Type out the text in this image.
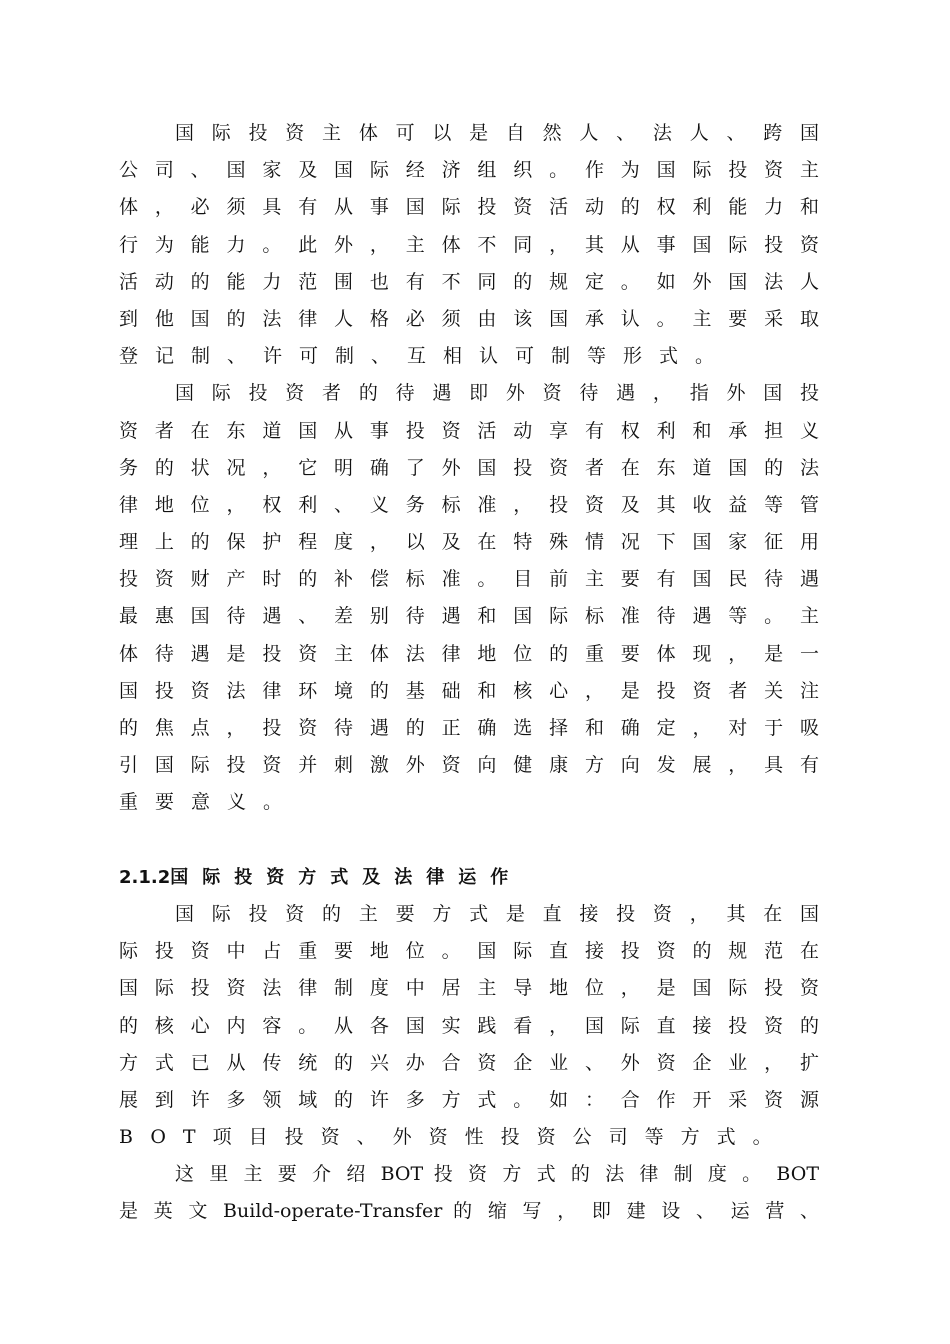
国 际 投 资 主 体 可 以 是 自 然 人 、 法 人 、 跨 国
公 司 、 国 家 及 国 际 经 济 组 织 。 作 为 国 际 投 资 主
体 ， 必 须 具 有 从 事 国 际 投 资 活 动 的 权 利 能 力 和
行 为 能 力 。 此 外 ， 主 体 不 同 ， 其 从 事 国 际 投 资
活 动 的 能 力 范 围 也 有 不 同 的 规 定 。 如 外 国 法 人
到 他 国 的 法 律 人 格 必 须 由 该 国 承 认 。 主 要 采 取
登记制、许可制、互相认可制等形式。
国 际 投 资 者 的 待 遇 即 外 资 待 遇 ， 指 外 国 投
资 者 在 东 道 国 从 事 投 资 活 动 享 有 权 利 和 承 担 义
务 的 状 况 ， 它 明 确 了 外 国 投 资 者 在 东 道 国 的 法
律 地 位 ， 权 利 、 义 务 标 准 ， 投 资 及 其 收 益 等 管
理 上 的 保 护 程 度 ， 以 及 在 特 殊 情 况 下 国 家 征 用
投 资 财 产 时 的 补 偿 标 准 。 目 前 主 要 有 国 民 待 遇
最 惠 国 待 遇 、 差 别 待 遇 和 国 际 标 准 待 遇 等 。 主
体 待 遇 是 投 资 主 体 法 律 地 位 的 重 要 体 现 ， 是 一
国 投 资 法 律 环 境 的 基 础 和 核 心 ， 是 投 资 者 关 注
的 焦 点 ， 投 资 待 遇 的 正 确 选 择 和 确 定 ， 对 于 吸
引 国 际 投 资 并 刺 激 外 资 向 健 康 方 向 发 展 ， 具 有
重要意义。
2.1.2国际投资方式及法律运作
国 际 投 资 的 主 要 方 式 是 直 接 投 资 ， 其 在 国
际 投 资 中 占 重 要 地 位 。 国 际 直 接 投 资 的 规 范 在
国 际 投 资 法 律 制 度 中 居 主 导 地 位 ， 是 国 际 投 资
的 核 心 内 容 。 从 各 国 实 践 看 ， 国 际 直 接 投 资 的
方 式 已 从 传 统 的 兴 办 合 资 企 业 、 外 资 企 业 ， 扩
展 到 许 多 领 域 的 许 多 方 式 。 如 ： 合 作 开 采 资 源
BOT项目投资、外资性投资公司等方式。
这 里 主 要 介 绍 BOT 投 资 方 式 的 法 律 制 度 。 BOT
是 英 文 Build-operate-Transfer 的 缩 写 ， 即 建 设 、 运 营 、
